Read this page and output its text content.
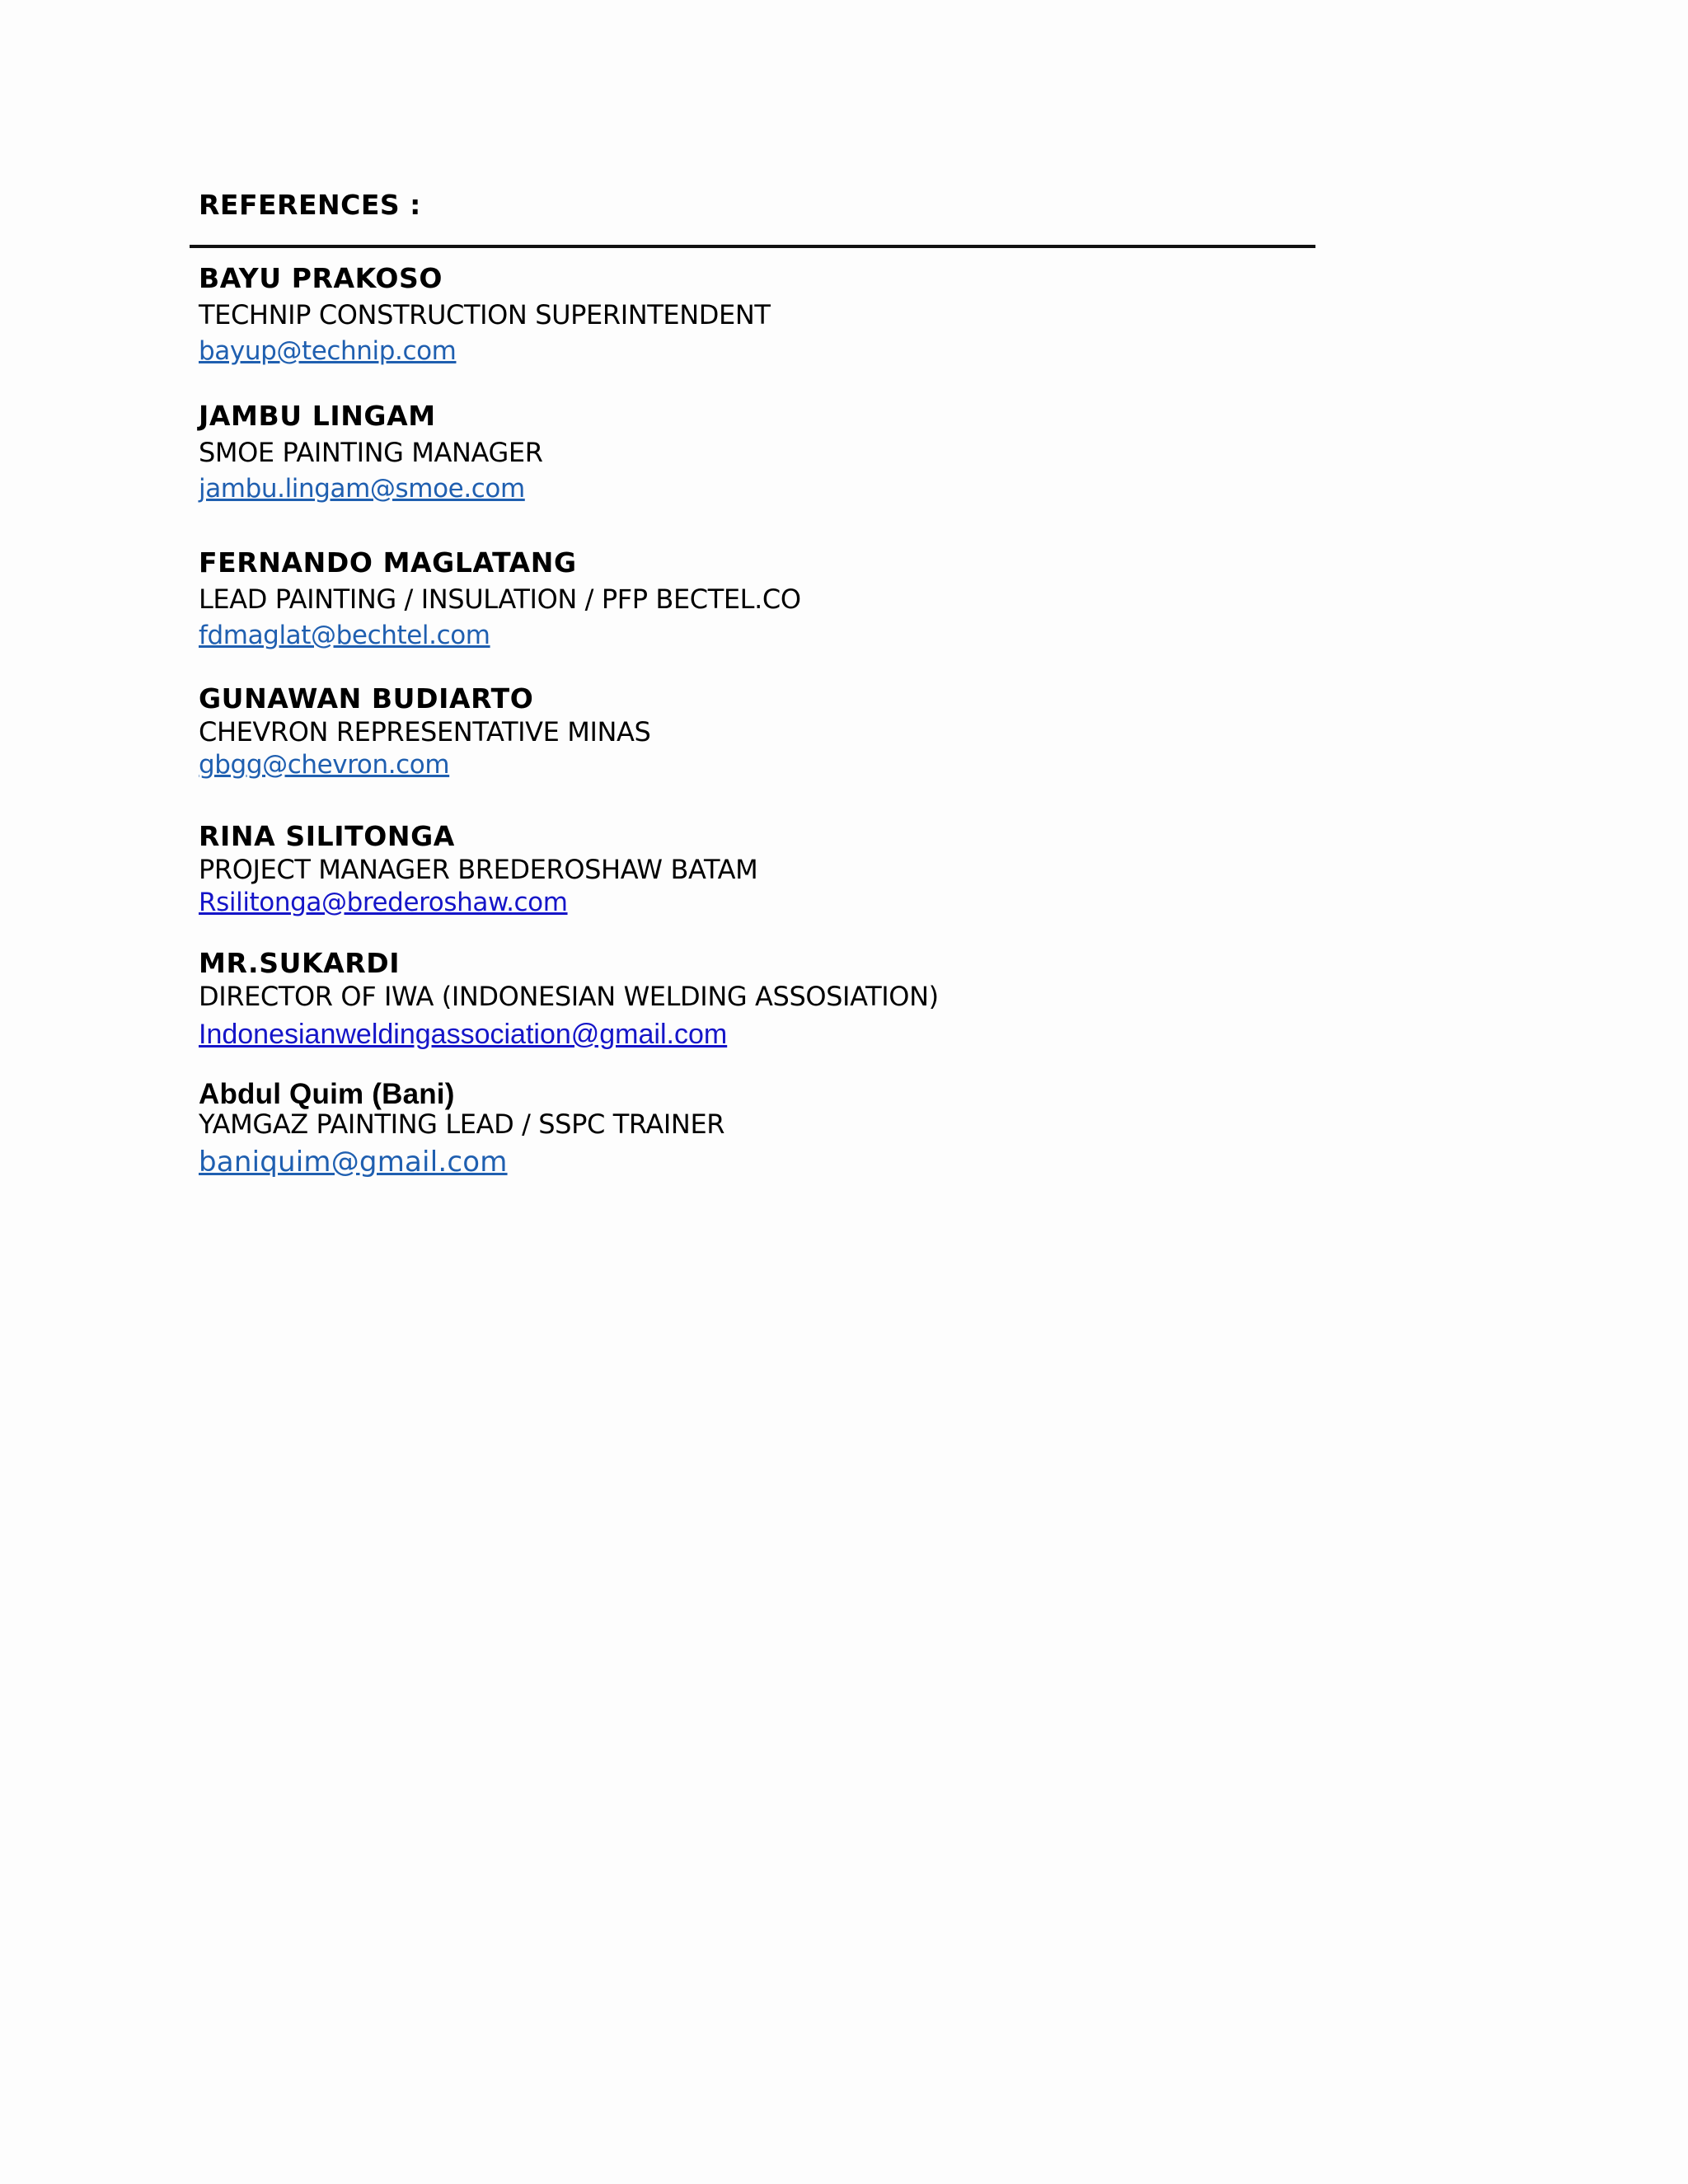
REFERENCES :
BAYU PRAKOSO
TECHNIP CONSTRUCTION SUPERINTENDENT
bayup@technip.com
JAMBU LINGAM
SMOE PAINTING MANAGER
jambu.lingam@smoe.com
FERNANDO MAGLATANG
LEAD PAINTING / INSULATION / PFP BECTEL.CO
fdmaglat@bechtel.com
GUNAWAN BUDIARTO
CHEVRON REPRESENTATIVE MINAS
gbgg@chevron.com
RINA SILITONGA
PROJECT MANAGER BREDEROSHAW BATAM
Rsilitonga@brederoshaw.com
MR.SUKARDI
DIRECTOR OF IWA (INDONESIAN WELDING ASSOSIATION)
Indonesianweldingassociation@gmail.com
Abdul Quim (Bani)
YAMGAZ PAINTING LEAD / SSPC TRAINER
baniquim@gmail.com
